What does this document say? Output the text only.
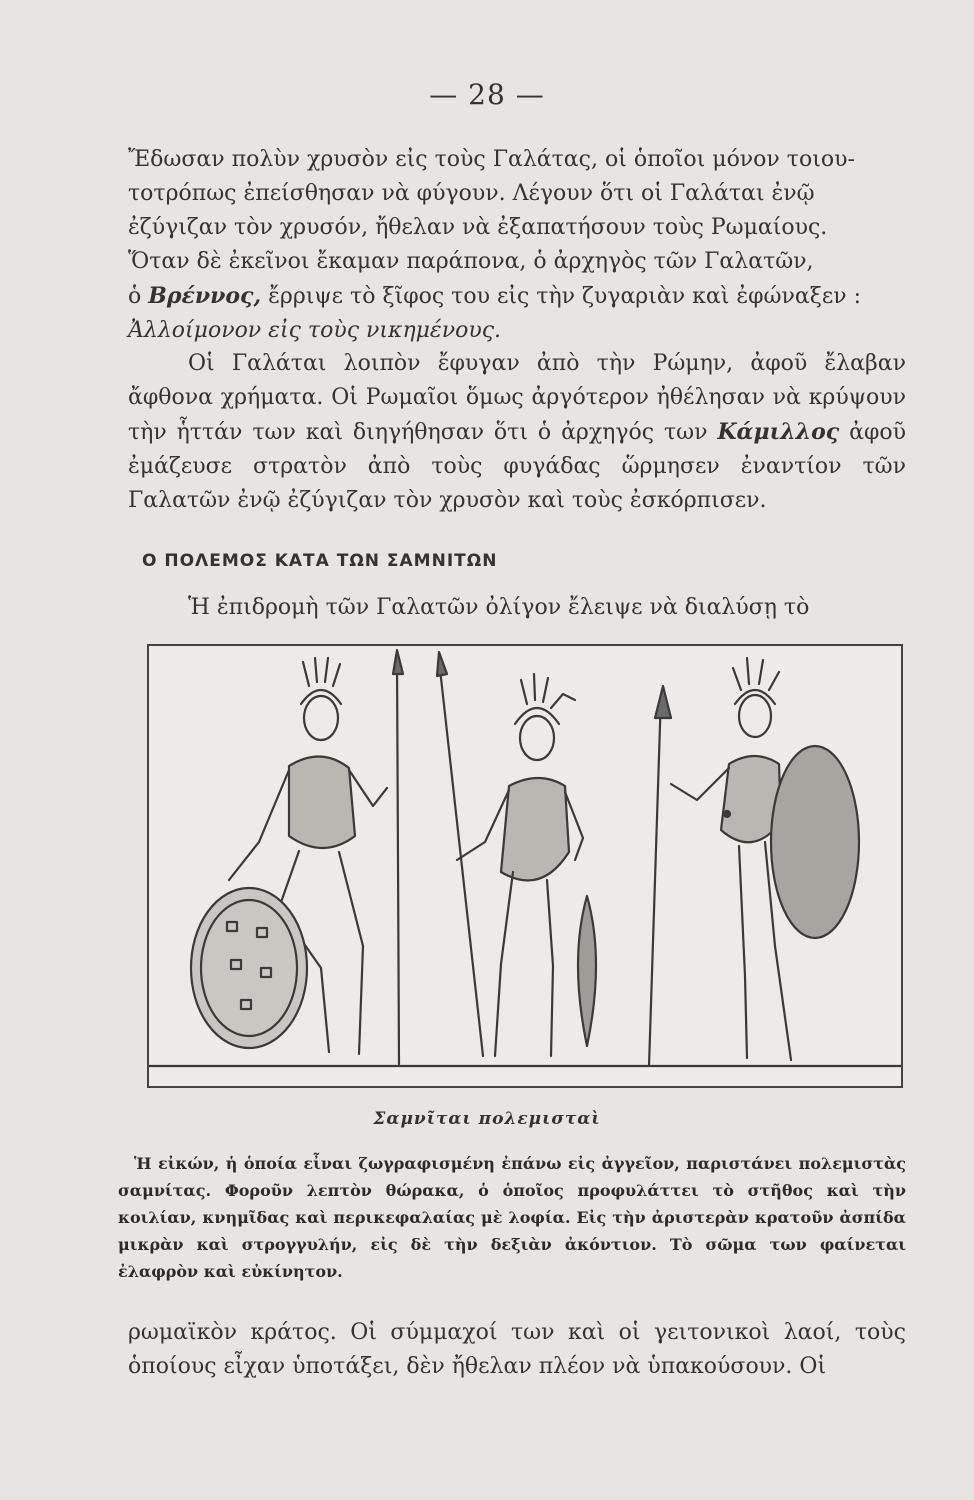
— 28 —

Ἔδωσαν πολὺν χρυσὸν εἰς τοὺς Γαλάτας, οἱ ὁποῖοι μόνον τοιου-

τοτρόπως ἐπείσθησαν νὰ φύγουν. Λέγουν ὅτι οἱ Γαλάται ἐνῷ

ἐζύγιζαν τὸν χρυσόν, ἤθελαν νὰ ἐξαπατήσουν τοὺς Ρωμαίους.

Ὅταν δὲ ἐκεῖνοι ἔκαμαν παράπονα, ὁ ἀρχηγὸς τῶν Γαλατῶν,

ὁ Βρέννος, ἔρριψε τὸ ξῖφος του εἰς τὴν ζυγαριὰν καὶ ἐφώναξεν :

Ἀλλοίμονον εἰς τοὺς νικημένους.

Οἱ Γαλάται λοιπὸν ἔφυγαν ἀπὸ τὴν Ρώμην, ἀφοῦ ἔλαβαν ἄφθονα χρήματα. Οἱ Ρωμαῖοι ὅμως ἀργότερον ἠθέλησαν νὰ κρύψουν τὴν ἧττάν των καὶ διηγήθησαν ὅτι ὁ ἀρχηγός των Κάμιλλος ἀφοῦ ἐμάζευσε στρατὸν ἀπὸ τοὺς φυγάδας ὥρμησεν ἐναντίον τῶν Γαλατῶν ἐνῷ ἐζύγιζαν τὸν χρυσὸν καὶ τοὺς ἐσκόρπισεν.

Ο ΠΟΛΕΜΟΣ ΚΑΤΑ ΤΩΝ ΣΑΜΝΙΤΩΝ

Ἡ ἐπιδρομὴ τῶν Γαλατῶν ὀλίγον ἔλειψε νὰ διαλύσῃ τὸ

Σαμνῖται πολεμισταὶ

Ἡ εἰκών, ἡ ὁποία εἶναι ζωγραφισμένη ἐπάνω εἰς ἀγγεῖον, παριστάνει πολεμιστὰς σαμνίτας. Φοροῦν λεπτὸν θώρακα, ὁ ὁποῖος προφυλάττει τὸ στῆθος καὶ τὴν κοιλίαν, κνημῖδας καὶ περικεφαλαίας μὲ λοφία. Εἰς τὴν ἀριστερὰν κρατοῦν ἀσπίδα μικρὰν καὶ στρογγυλήν, εἰς δὲ τὴν δεξιὰν ἀκόντιον. Τὸ σῶμα των φαίνεται ἐλαφρὸν καὶ εὐκίνητον.

ρωμαϊκὸν κράτος. Οἱ σύμμαχοί των καὶ οἱ γειτονικοὶ λαοί, τοὺς ὁποίους εἶχαν ὑποτάξει, δὲν ἤθελαν πλέον νὰ ὑπακούσουν. Οἱ
